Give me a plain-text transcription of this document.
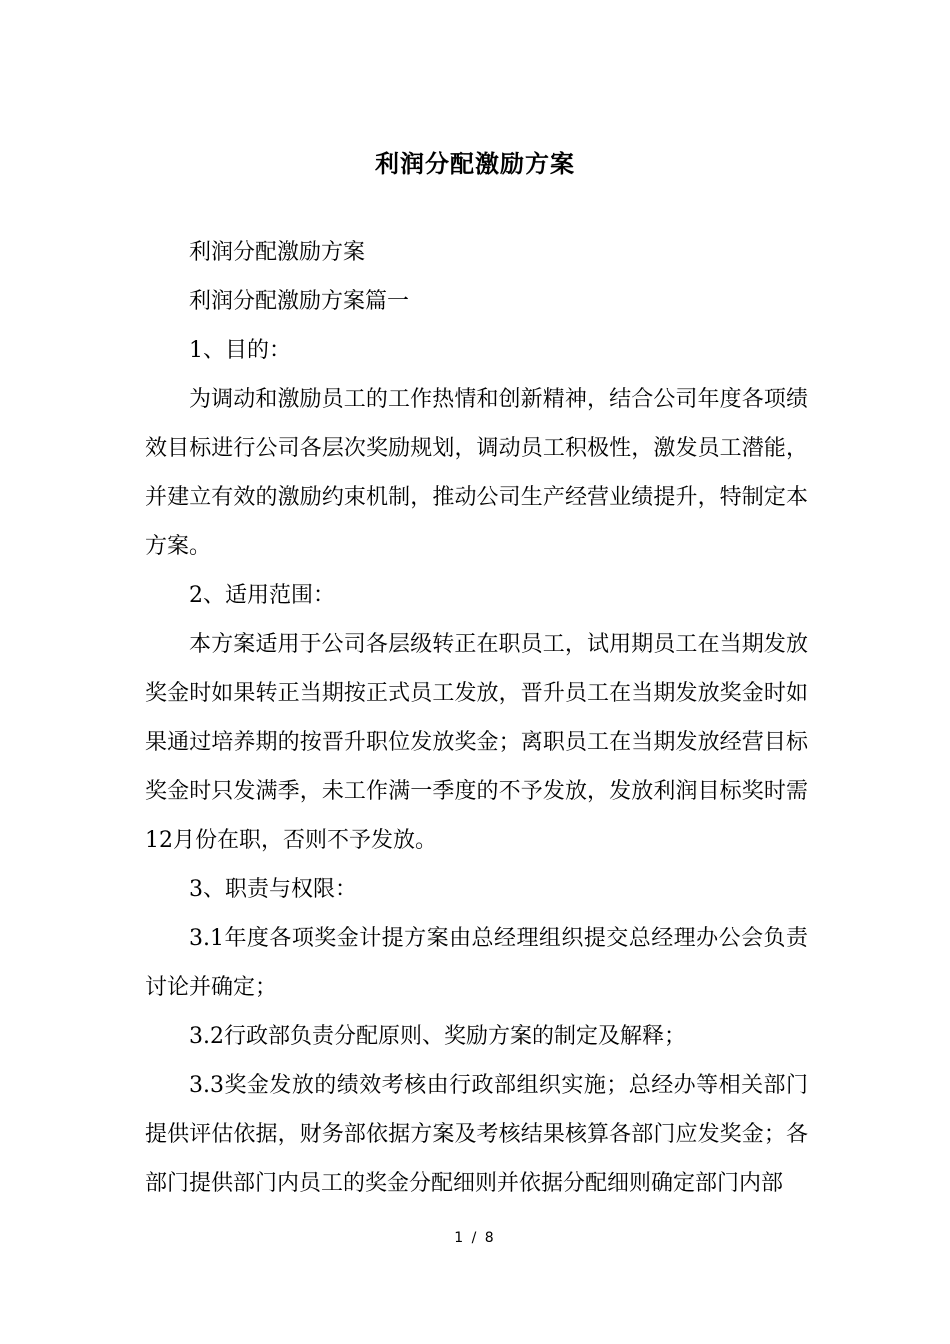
利润分配激励方案

利润分配激励方案

利润分配激励方案篇一

1、目的：

为调动和激励员工的工作热情和创新精神，结合公司年度各项绩效目标进行公司各层次奖励规划，调动员工积极性，激发员工潜能，并建立有效的激励约束机制，推动公司生产经营业绩提升，特制定本方案。

2、适用范围：

本方案适用于公司各层级转正在职员工，试用期员工在当期发放奖金时如果转正当期按正式员工发放，晋升员工在当期发放奖金时如果通过培养期的按晋升职位发放奖金；离职员工在当期发放经营目标奖金时只发满季，未工作满一季度的不予发放，发放利润目标奖时需12月份在职，否则不予发放。

3、职责与权限：

3.1年度各项奖金计提方案由总经理组织提交总经理办公会负责讨论并确定；

3.2行政部负责分配原则、奖励方案的制定及解释；

3.3奖金发放的绩效考核由行政部组织实施；总经办等相关部门提供评估依据，财务部依据方案及考核结果核算各部门应发奖金；各部门提供部门内员工的奖金分配细则并依据分配细则确定部门内部

1 / 8
